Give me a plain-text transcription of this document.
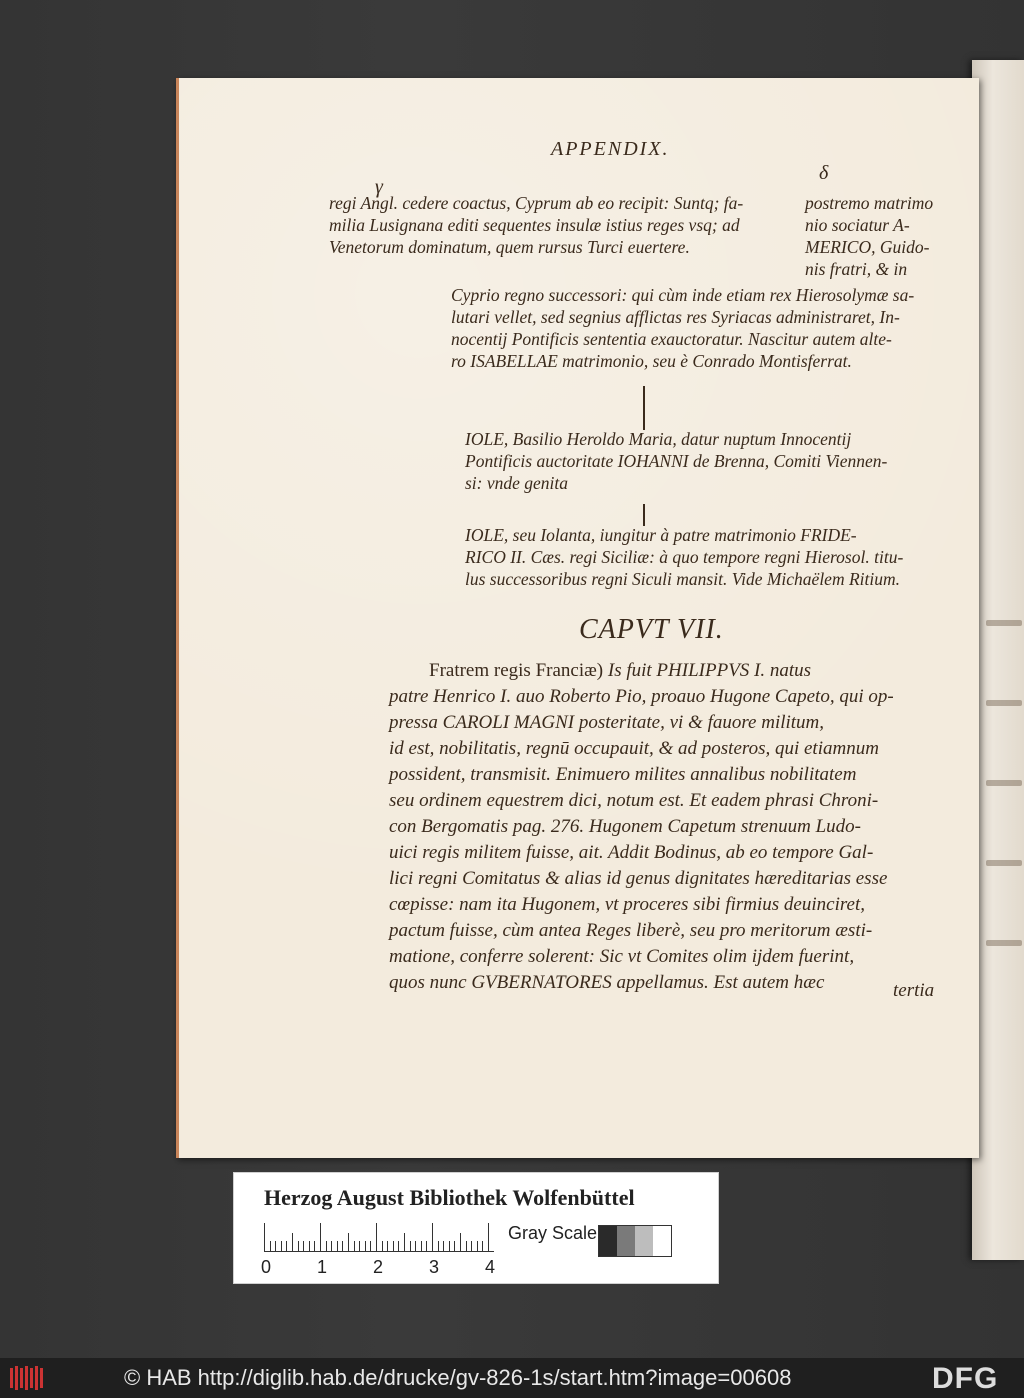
APPENDIX.
γ
δ
regi Angl. cedere coactus, Cyprum ab eo recipit: Suntq; fa-
milia Lusignana editi sequentes insulæ istius reges vsq; ad
Venetorum dominatum, quem rursus Turci euertere.
postremo matrimo
nio sociatur A-
MERICO, Guido-
nis fratri, & in
Cyprio regno successori: qui cùm inde etiam rex Hierosolymæ sa-
lutari vellet, sed segnius afflictas res Syriacas administraret, In-
nocentij Pontificis sententia exauctoratur. Nascitur autem alte-
ro ISABELLAE matrimonio, seu è Conrado Montisferrat.
IOLE, Basilio Heroldo Maria, datur nuptum Innocentij
Pontificis auctoritate IOHANNI de Brenna, Comiti Viennen-
si: vnde genita
IOLE, seu Iolanta, iungitur à patre matrimonio FRIDE-
RICO II. Cæs. regi Siciliæ: à quo tempore regni Hierosol. titu-
lus successoribus regni Siculi mansit. Vide Michaëlem Ritium.
CAPVT VII.
Fratrem regis Franciæ) Is fuit PHILIPPVS I. natus
patre Henrico I. auo Roberto Pio, proauo Hugone Capeto, qui op-
pressa CAROLI MAGNI posteritate, vi & fauore militum,
id est, nobilitatis, regnū occupauit, & ad posteros, qui etiamnum
possident, transmisit. Enimuero milites annalibus nobilitatem
seu ordinem equestrem dici, notum est. Et eadem phrasi Chroni-
con Bergomatis pag. 276. Hugonem Capetum strenuum Ludo-
uici regis militem fuisse, ait. Addit Bodinus, ab eo tempore Gal-
lici regni Comitatus & alias id genus dignitates hæreditarias esse
cœpisse: nam ita Hugonem, vt proceres sibi firmius deuinciret,
pactum fuisse, cùm antea Reges liberè, seu pro meritorum æsti-
matione, conferre solerent: Sic vt Comites olim ijdem fuerint,
quos nunc GVBERNATORES appellamus. Est autem hæc	tertia
Herzog August Bibliothek Wolfenbüttel
0	1	2	3	4
Gray Scale
© HAB http://diglib.hab.de/drucke/gv-826-1s/start.htm?image=00608	DFG
